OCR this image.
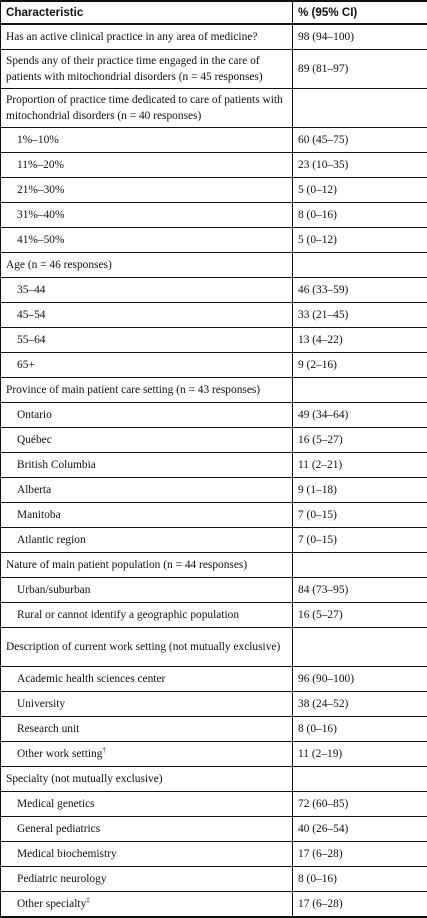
Characteristic	% (95% CI)
Has an active clinical practice in any area of medicine?	98 (94–100)
Spends any of their practice time engaged in the care of patients with mitochondrial disorders (n = 45 responses)	89 (81–97)
Proportion of practice time dedicated to care of patients with mitochondrial disorders (n = 40 responses)	
1%–10%	60 (45–75)
11%–20%	23 (10–35)
21%–30%	5 (0–12)
31%–40%	8 (0–16)
41%–50%	5 (0–12)
Age (n = 46 responses)	
35–44	46 (33–59)
45–54	33 (21–45)
55–64	13 (4–22)
65+	9 (2–16)
Province of main patient care setting (n = 43 responses)	
Ontario	49 (34–64)
Québec	16 (5–27)
British Columbia	11 (2–21)
Alberta	9 (1–18)
Manitoba	7 (0–15)
Atlantic region	7 (0–15)
Nature of main patient population (n = 44 responses)	
Urban/suburban	84 (73–95)
Rural or cannot identify a geographic population	16 (5–27)
Description of current work setting (not mutually exclusive)	
Academic health sciences center	96 (90–100)
University	38 (24–52)
Research unit	8 (0–16)
Other work setting†	11 (2–19)
Specialty (not mutually exclusive)	
Medical genetics	72 (60–85)
General pediatrics	40 (26–54)
Medical biochemistry	17 (6–28)
Pediatric neurology	8 (0–16)
Other specialty‡	17 (6–28)
